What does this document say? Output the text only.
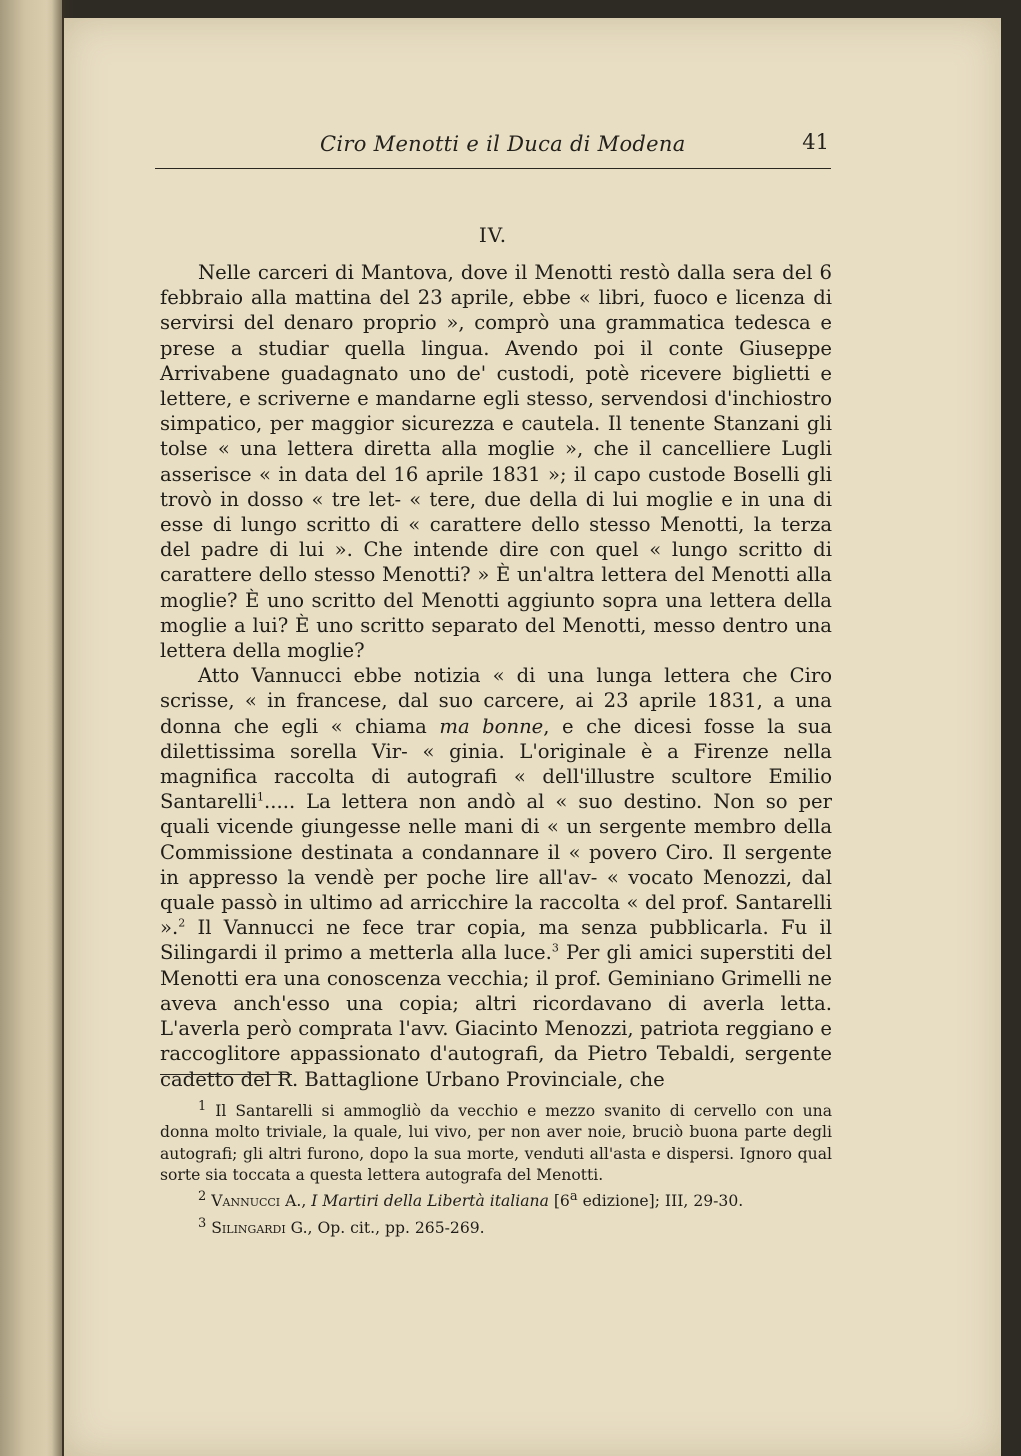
Ciro Menotti e il Duca di Modena	41
IV.

Nelle carceri di Mantova, dove il Menotti restò dalla sera del 6 febbraio alla mattina del 23 aprile, ebbe « libri, fuoco e licenza di servirsi del denaro proprio », comprò una grammatica tedesca e prese a studiar quella lingua. Avendo poi il conte Giuseppe Arrivabene guadagnato uno de' custodi, potè ricevere biglietti e lettere, e scriverne e mandarne egli stesso, servendosi d'inchiostro simpatico, per maggior sicurezza e cautela. Il tenente Stanzani gli tolse « una lettera diretta alla moglie », che il cancelliere Lugli asserisce « in data del 16 aprile 1831 »; il capo custode Boselli gli trovò in dosso « tre let- « tere, due della di lui moglie e in una di esse di lungo scritto di « carattere dello stesso Menotti, la terza del padre di lui ». Che intende dire con quel « lungo scritto di carattere dello stesso Menotti? » È un'altra lettera del Menotti alla moglie? È uno scritto del Menotti aggiunto sopra una lettera della moglie a lui? È uno scritto separato del Menotti, messo dentro una lettera della moglie?

Atto Vannucci ebbe notizia « di una lunga lettera che Ciro scrisse, « in francese, dal suo carcere, ai 23 aprile 1831, a una donna che egli « chiama ma bonne, e che dicesi fosse la sua dilettissima sorella Vir- « ginia. L'originale è a Firenze nella magnifica raccolta di autografi « dell'illustre scultore Emilio Santarelli$^1$..... La lettera non andò al « suo destino. Non so per quali vicende giungesse nelle mani di « un sergente membro della Commissione destinata a condannare il « povero Ciro. Il sergente in appresso la vendè per poche lire all'av- « vocato Menozzi, dal quale passò in ultimo ad arricchire la raccolta « del prof. Santarelli ».$^2$ Il Vannucci ne fece trar copia, ma senza pubblicarla. Fu il Silingardi il primo a metterla alla luce.$^3$ Per gli amici superstiti del Menotti era una conoscenza vecchia; il prof. Geminiano Grimelli ne aveva anch'esso una copia; altri ricordavano di averla letta. L'averla però comprata l'avv. Giacinto Menozzi, patriota reggiano e raccoglitore appassionato d'autografi, da Pietro Tebaldi, sergente cadetto del R. Battaglione Urbano Provinciale, che

$^1$ Il Santarelli si ammogliò da vecchio e mezzo svanito di cervello con una donna molto triviale, la quale, lui vivo, per non aver noie, bruciò buona parte degli autografi; gli altri furono, dopo la sua morte, venduti all'asta e dispersi. Ignoro qual sorte sia toccata a questa lettera autografa del Menotti.

$^2$ Vannucci A., I Martiri della Libertà italiana [6$^a$ edizione]; III, 29-30.

$^3$ Silingardi G., Op. cit., pp. 265-269.
